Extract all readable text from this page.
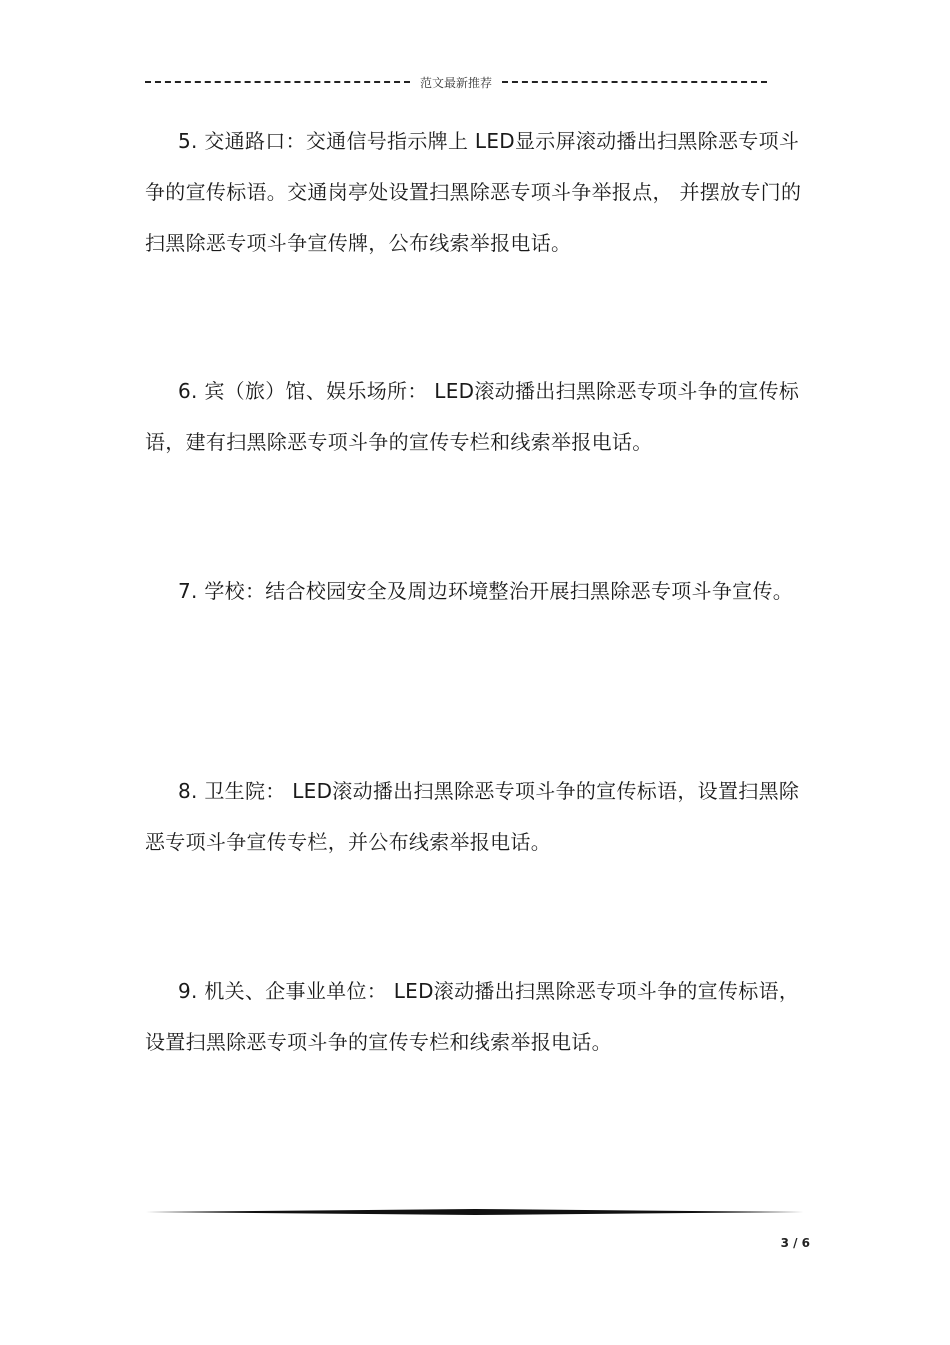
范文最新推荐

5. 交通路口：交通信号指示牌上 LED显示屏滚动播出扫黑除恶专项斗争的宣传标语。交通岗亭处设置扫黑除恶专项斗争举报点， 并摆放专门的扫黑除恶专项斗争宣传牌，公布线索举报电话。

6. 宾（旅）馆、娱乐场所： LED滚动播出扫黑除恶专项斗争的宣传标语，建有扫黑除恶专项斗争的宣传专栏和线索举报电话。

7. 学校：结合校园安全及周边环境整治开展扫黑除恶专项斗争宣传。

8. 卫生院： LED滚动播出扫黑除恶专项斗争的宣传标语，设置扫黑除恶专项斗争宣传专栏，并公布线索举报电话。

9. 机关、企事业单位： LED滚动播出扫黑除恶专项斗争的宣传标语，设置扫黑除恶专项斗争的宣传专栏和线索举报电话。

3 / 6
